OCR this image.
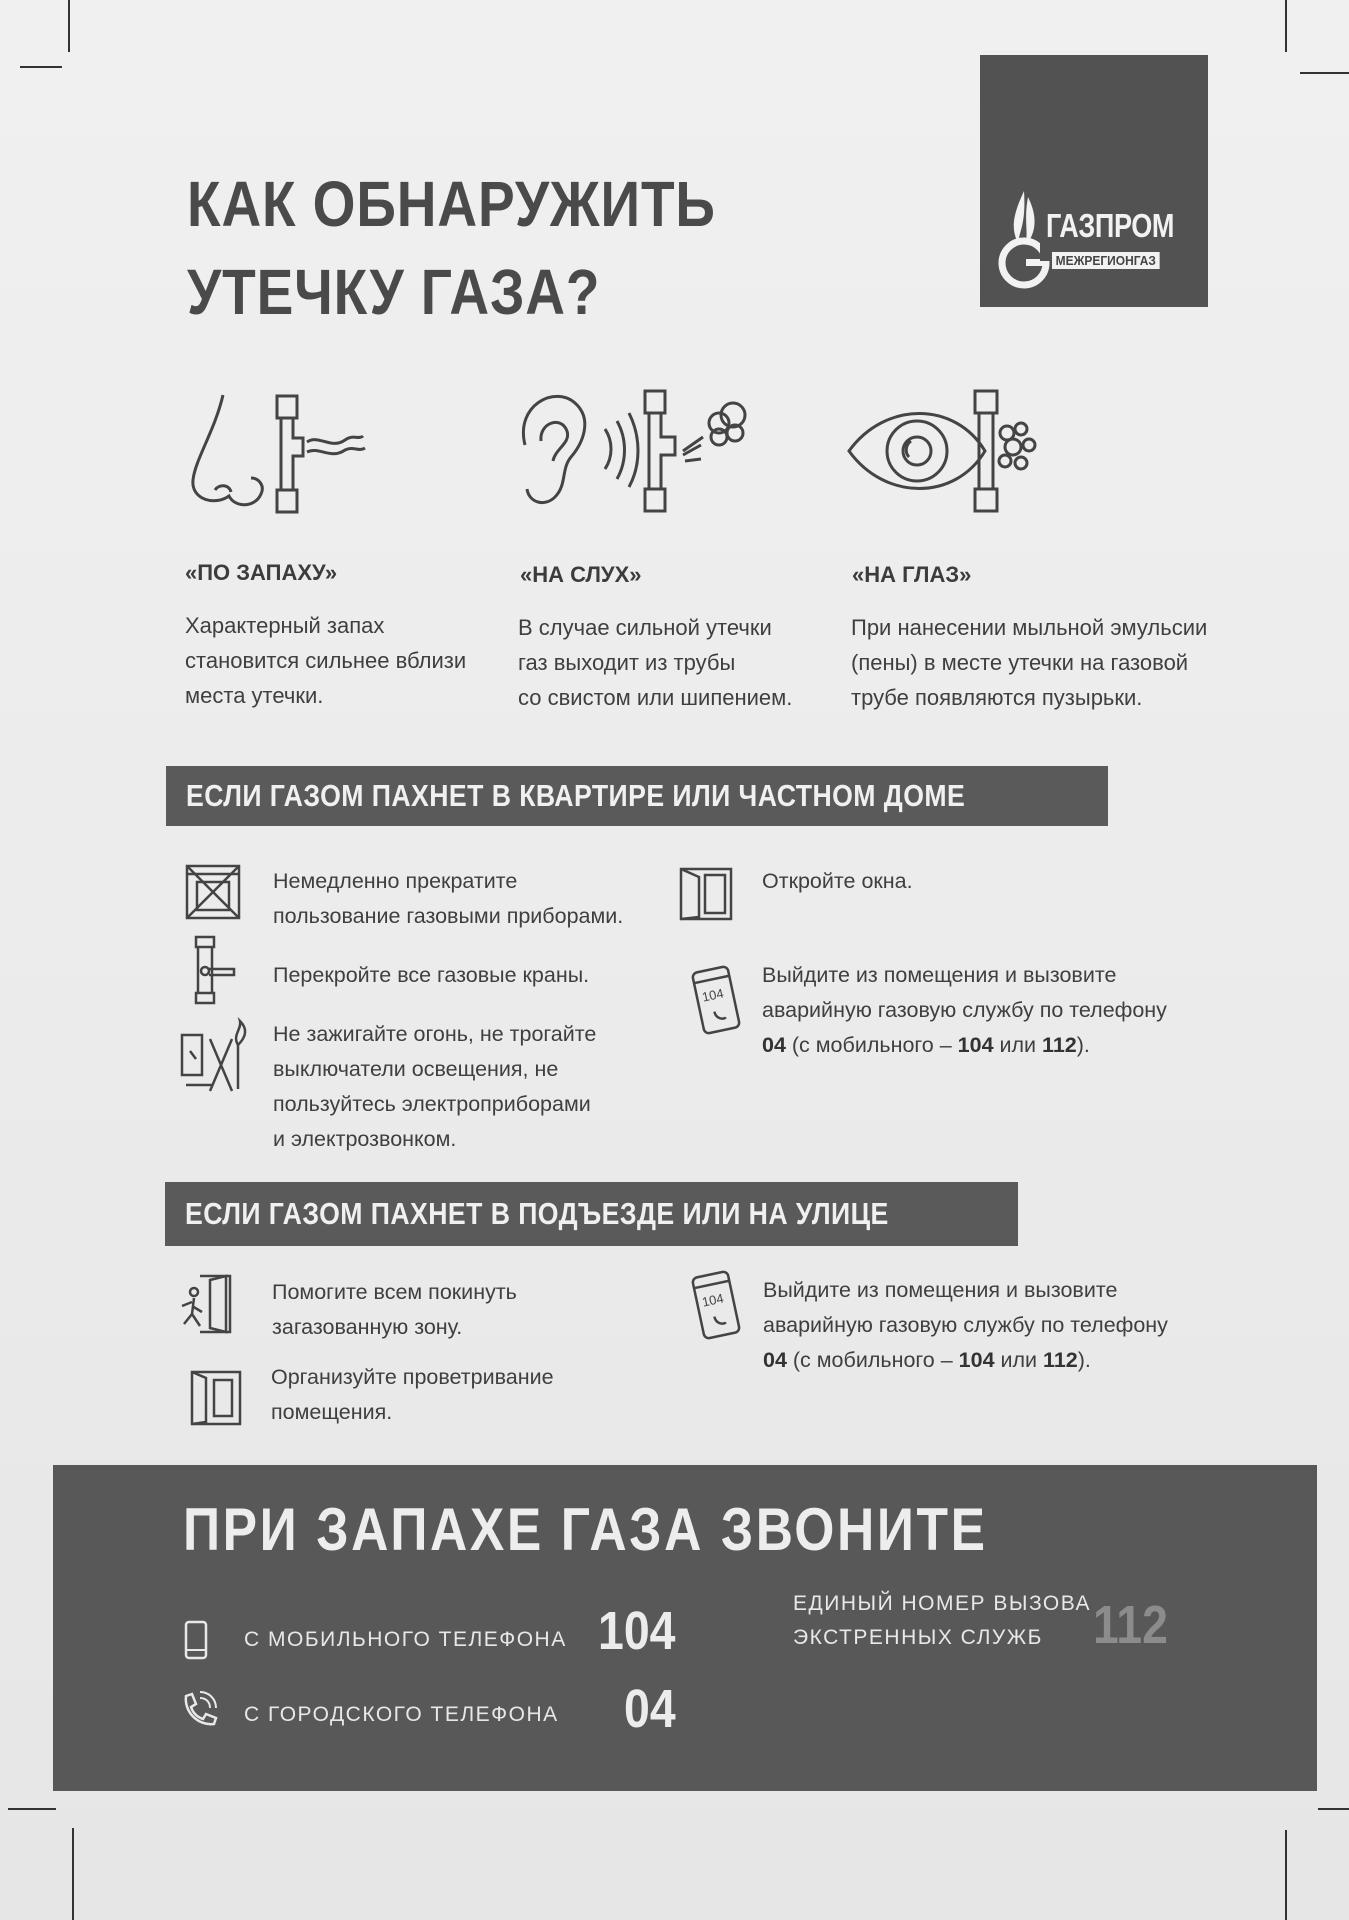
КАК ОБНАРУЖИТЬ
УТЕЧКУ ГАЗА?
ГАЗПРОМ
МЕЖРЕГИОНГАЗ
«ПО ЗАПАХУ»
Характерный запах
становится сильнее вблизи
места утечки.
«НА СЛУХ»
В случае сильной утечки
газ выходит из трубы
со свистом или шипением.
«НА ГЛАЗ»
При нанесении мыльной эмульсии
(пены) в месте утечки на газовой
трубе появляются пузырьки.
ЕСЛИ ГАЗОМ ПАХНЕТ В КВАРТИРЕ ИЛИ ЧАСТНОМ ДОМЕ
Немедленно прекратите
пользование газовыми приборами.
Перекройте все газовые краны.
Не зажигайте огонь, не трогайте
выключатели освещения, не
пользуйтесь электроприборами
и электрозвонком.
Откройте окна.
104
Выйдите из помещения и вызовите
аварийную газовую службу по телефону
04 (с мобильного – 104 или 112).
ЕСЛИ ГАЗОМ ПАХНЕТ В ПОДЪЕЗДЕ ИЛИ НА УЛИЦЕ
Помогите всем покинуть
загазованную зону.
Организуйте проветривание
помещения.
104 Выйдите из помещения и вызовите
аварийную газовую службу по телефону
04 (с мобильного – 104 или 112).
ПРИ ЗАПАХЕ ГАЗА ЗВОНИТЕ
С МОБИЛЬНОГО ТЕЛЕФОНА 104
С ГОРОДСКОГО ТЕЛЕФОНА 04
ЕДИНЫЙ НОМЕР ВЫЗОВА
ЭКСТРЕННЫХ СЛУЖБ 112
